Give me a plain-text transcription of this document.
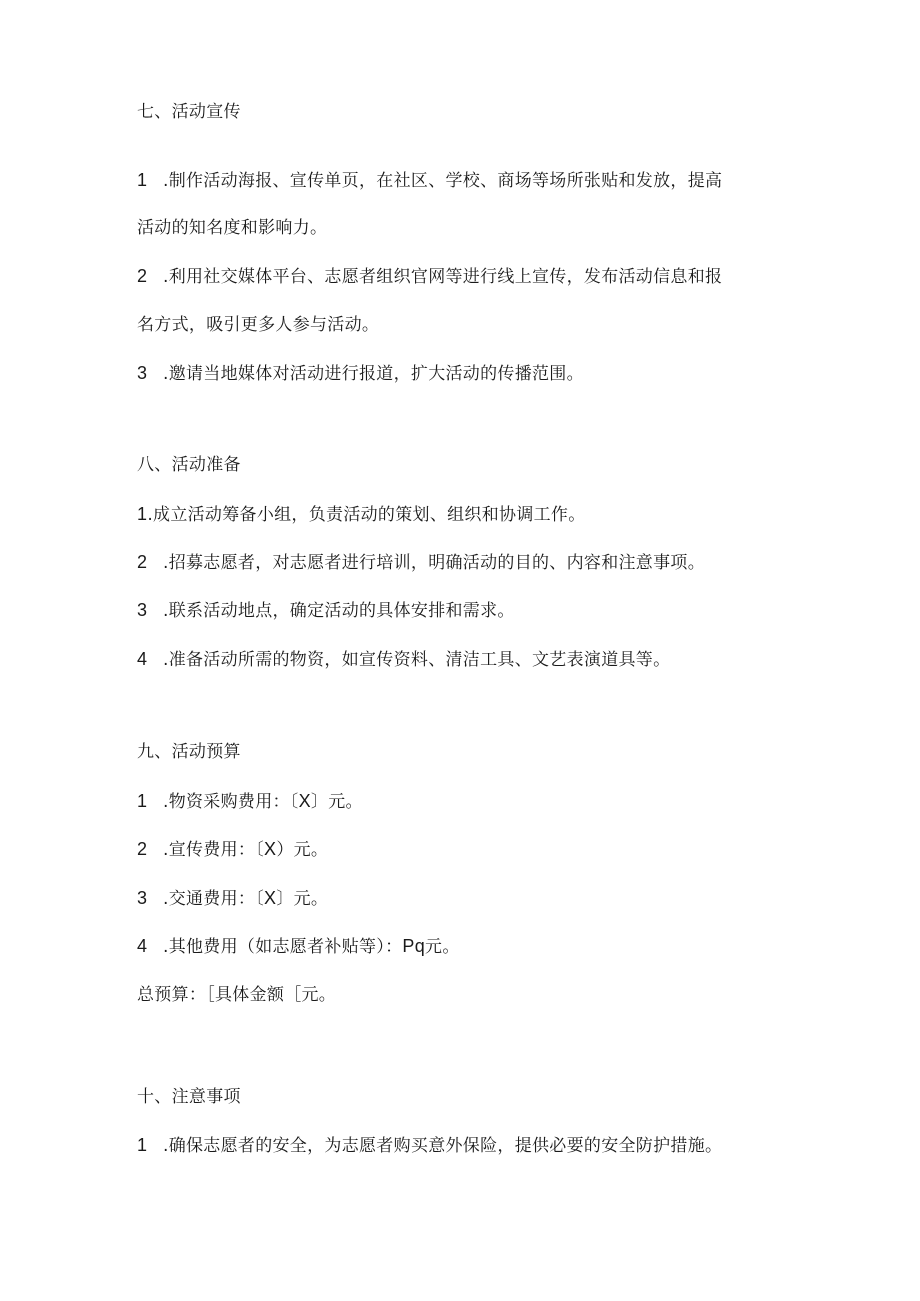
七、活动宣传
1 .制作活动海报、宣传单页，在社区、学校、商场等场所张贴和发放，提高
活动的知名度和影响力。
2 .利用社交媒体平台、志愿者组织官网等进行线上宣传，发布活动信息和报
名方式，吸引更多人参与活动。
3 .邀请当地媒体对活动进行报道，扩大活动的传播范围。
八、活动准备
1.成立活动筹备小组，负责活动的策划、组织和协调工作。
2 .招募志愿者，对志愿者进行培训，明确活动的目的、内容和注意事项。
3 .联系活动地点，确定活动的具体安排和需求。
4 .准备活动所需的物资，如宣传资料、清洁工具、文艺表演道具等。
九、活动预算
1 .物资采购费用：〔X〕元。
2 .宣传费用：〔X）元。
3 .交通费用：〔X〕元。
4 .其他费用（如志愿者补贴等）：Pq元。
总预算：［具体金额［元。
十、注意事项
1 .确保志愿者的安全，为志愿者购买意外保险，提供必要的安全防护措施。
